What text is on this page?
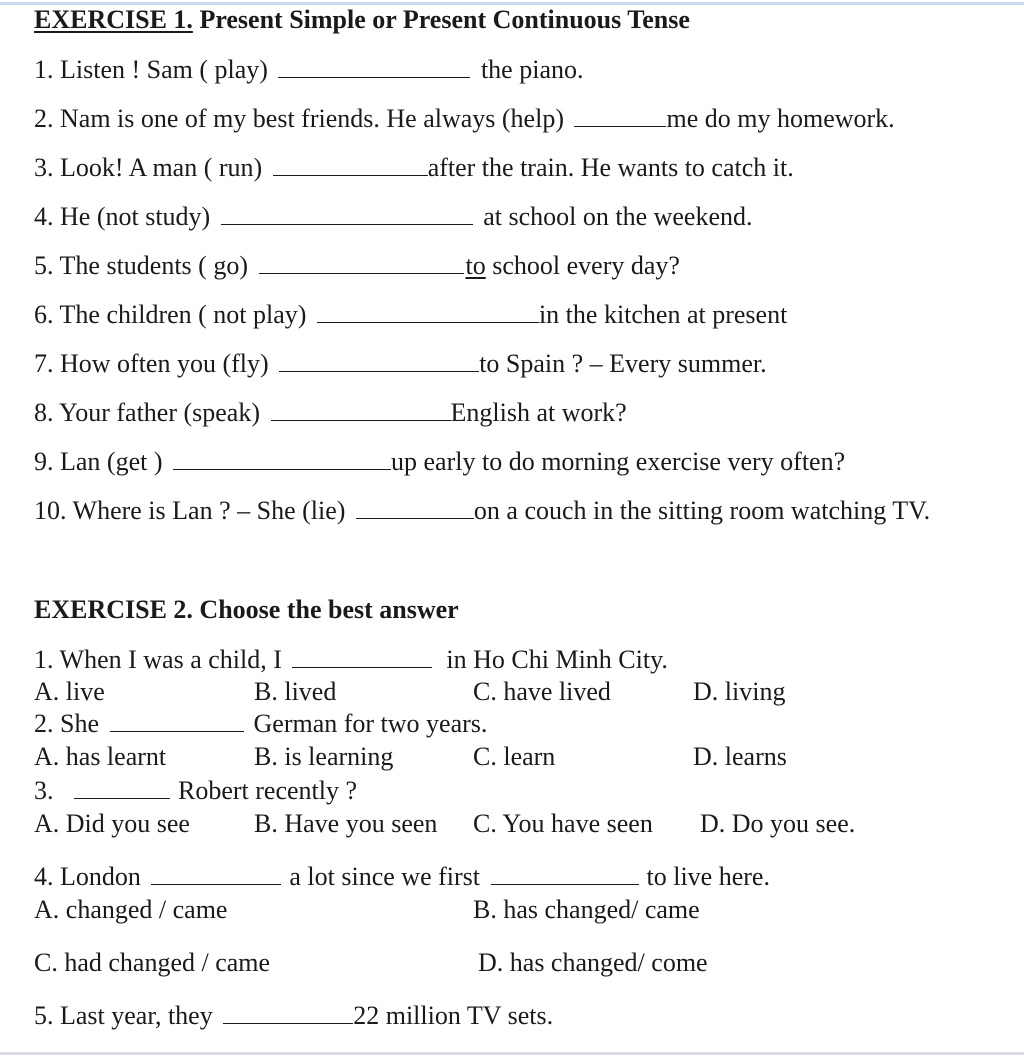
EXERCISE 1. Present Simple or Present Continuous Tense
1. Listen ! Sam ( play)	the piano.
2. Nam is one of my best friends. He always (help)	me do my homework.
3. Look! A man ( run)	after the train. He wants to catch it.
4. He (not study)	at school on the weekend.
5. The students ( go)	to school every day?
6. The children ( not play)	in the kitchen at present
7. How often you (fly)	to Spain ? – Every summer.
8. Your father (speak)	English at work?
9. Lan (get )	up early to do morning exercise very often?
10. Where is Lan ? – She (lie)	on a couch in the sitting room watching TV.
EXERCISE 2. Choose the best answer
1. When I was a child, I	in Ho Chi Minh City.
A. live	B. lived	C. have lived	D. living
2. She	German for two years.
A. has learnt	B. is learning	C. learn	D. learns
3.	Robert recently ?
A. Did you see B. Have you seen C. You have seen D. Do you see.
4. London	a lot since we first	to live here.
A. changed / came	B. has changed/ came
C. had changed / came	D. has changed/ come
5. Last year, they	22 million TV sets.
